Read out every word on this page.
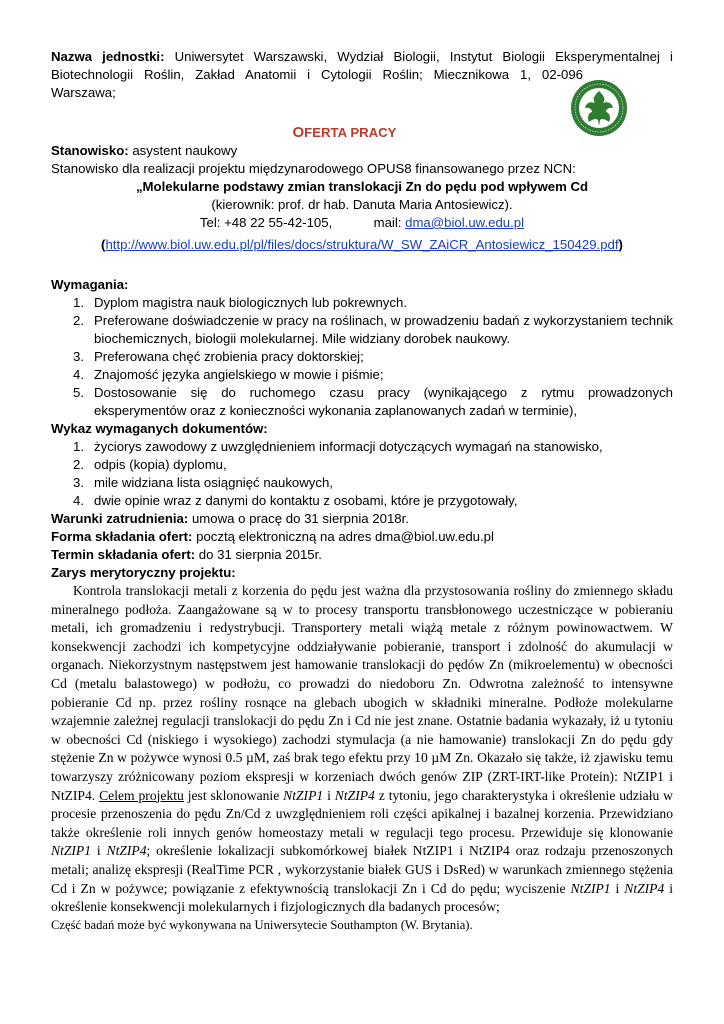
Nazwa jednostki: Uniwersytet Warszawski, Wydział Biologii, Instytut Biologii Eksperymentalnej i
Biotechnologii Roślin, Zakład Anatomii i Cytologii Roślin; Miecznikowa 1, 02-096
Warszawa;
OFERTA PRACY
Stanowisko: asystent naukowy
Stanowisko dla realizacji projektu międzynarodowego OPUS8 finansowanego przez NCN:
„Molekularne podstawy zmian translokacji Zn do pędu pod wpływem Cd
(kierownik: prof. dr hab. Danuta Maria Antosiewicz).
Tel: +48 22 55-42-105,	mail: dma@biol.uw.edu.pl
(http://www.biol.uw.edu.pl/pl/files/docs/struktura/W_SW_ZAiCR_Antosiewicz_150429.pdf)
Wymagania:
1. Dyplom magistra nauk biologicznych lub pokrewnych.
2. Preferowane doświadczenie w pracy na roślinach, w prowadzeniu badań z wykorzystaniem technik biochemicznych, biologii molekularnej. Mile widziany dorobek naukowy.
3. Preferowana chęć zrobienia pracy doktorskiej;
4. Znajomość języka angielskiego w mowie i piśmie;
5. Dostosowanie się do ruchomego czasu pracy (wynikającego z rytmu prowadzonych eksperymentów oraz z konieczności wykonania zaplanowanych zadań w terminie),
Wykaz wymaganych dokumentów:
1. życiorys zawodowy z uwzględnieniem informacji dotyczących wymagań na stanowisko,
2. odpis (kopia) dyplomu,
3. mile widziana lista osiągnięć naukowych,
4. dwie opinie wraz z danymi do kontaktu z osobami, które je przygotowały,
Warunki zatrudnienia: umowa o pracę do 31 sierpnia 2018r.
Forma składania ofert: pocztą elektroniczną na adres dma@biol.uw.edu.pl
Termin składania ofert: do 31 sierpnia 2015r.
Zarys merytoryczny projektu:
Kontrola translokacji metali z korzenia do pędu jest ważna dla przystosowania rośliny do zmiennego składu mineralnego podłoża. Zaangażowane są w to procesy transportu transbłonowego uczestniczące w pobieraniu metali, ich gromadzeniu i redystrybucji. Transportery metali wiążą metale z różnym powinowactwem. W konsekwencji zachodzi ich kompetycyjne oddziaływanie pobieranie, transport i zdolność do akumulacji w organach. Niekorzystnym następstwem jest hamowanie translokacji do pędów Zn (mikroelementu) w obecności Cd (metalu balastowego) w podłożu, co prowadzi do niedoboru Zn. Odwrotna zależność to intensywne pobieranie Cd np. przez rośliny rosnące na glebach ubogich w składniki mineralne. Podłoże molekularne wzajemnie zależnej regulacji translokacji do pędu Zn i Cd nie jest znane. Ostatnie badania wykazały, iż u tytoniu w obecności Cd (niskiego i wysokiego) zachodzi stymulacja (a nie hamowanie) translokacji Zn do pędu gdy stężenie Zn w pożywce wynosi 0.5 µM, zaś brak tego efektu przy 10 µM Zn. Okazało się także, iż zjawisku temu towarzyszy zróżnicowany poziom ekspresji w korzeniach dwóch genów ZIP (ZRT-IRT-like Protein): NtZIP1 i NtZIP4. Celem projektu jest sklonowanie NtZIP1 i NtZIP4 z tytoniu, jego charakterystyka i określenie udziału w procesie przenoszenia do pędu Zn/Cd z uwzględnieniem roli części apikalnej i bazalnej korzenia. Przewidziano także określenie roli innych genów homeostazy metali w regulacji tego procesu. Przewiduje się klonowanie NtZIP1 i NtZIP4; określenie lokalizacji subkomórkowej białek NtZIP1 i NtZIP4 oraz rodzaju przenoszonych metali; analizę ekspresji (RealTime PCR , wykorzystanie białek GUS i DsRed) w warunkach zmiennego stężenia Cd i Zn w pożywce; powiązanie z efektywnością translokacji Zn i Cd do pędu; wyciszenie NtZIP1 i NtZIP4 i określenie konsekwencji molekularnych i fizjologicznych dla badanych procesów;
Część badań może być wykonywana na Uniwersytecie Southampton (W. Brytania).
